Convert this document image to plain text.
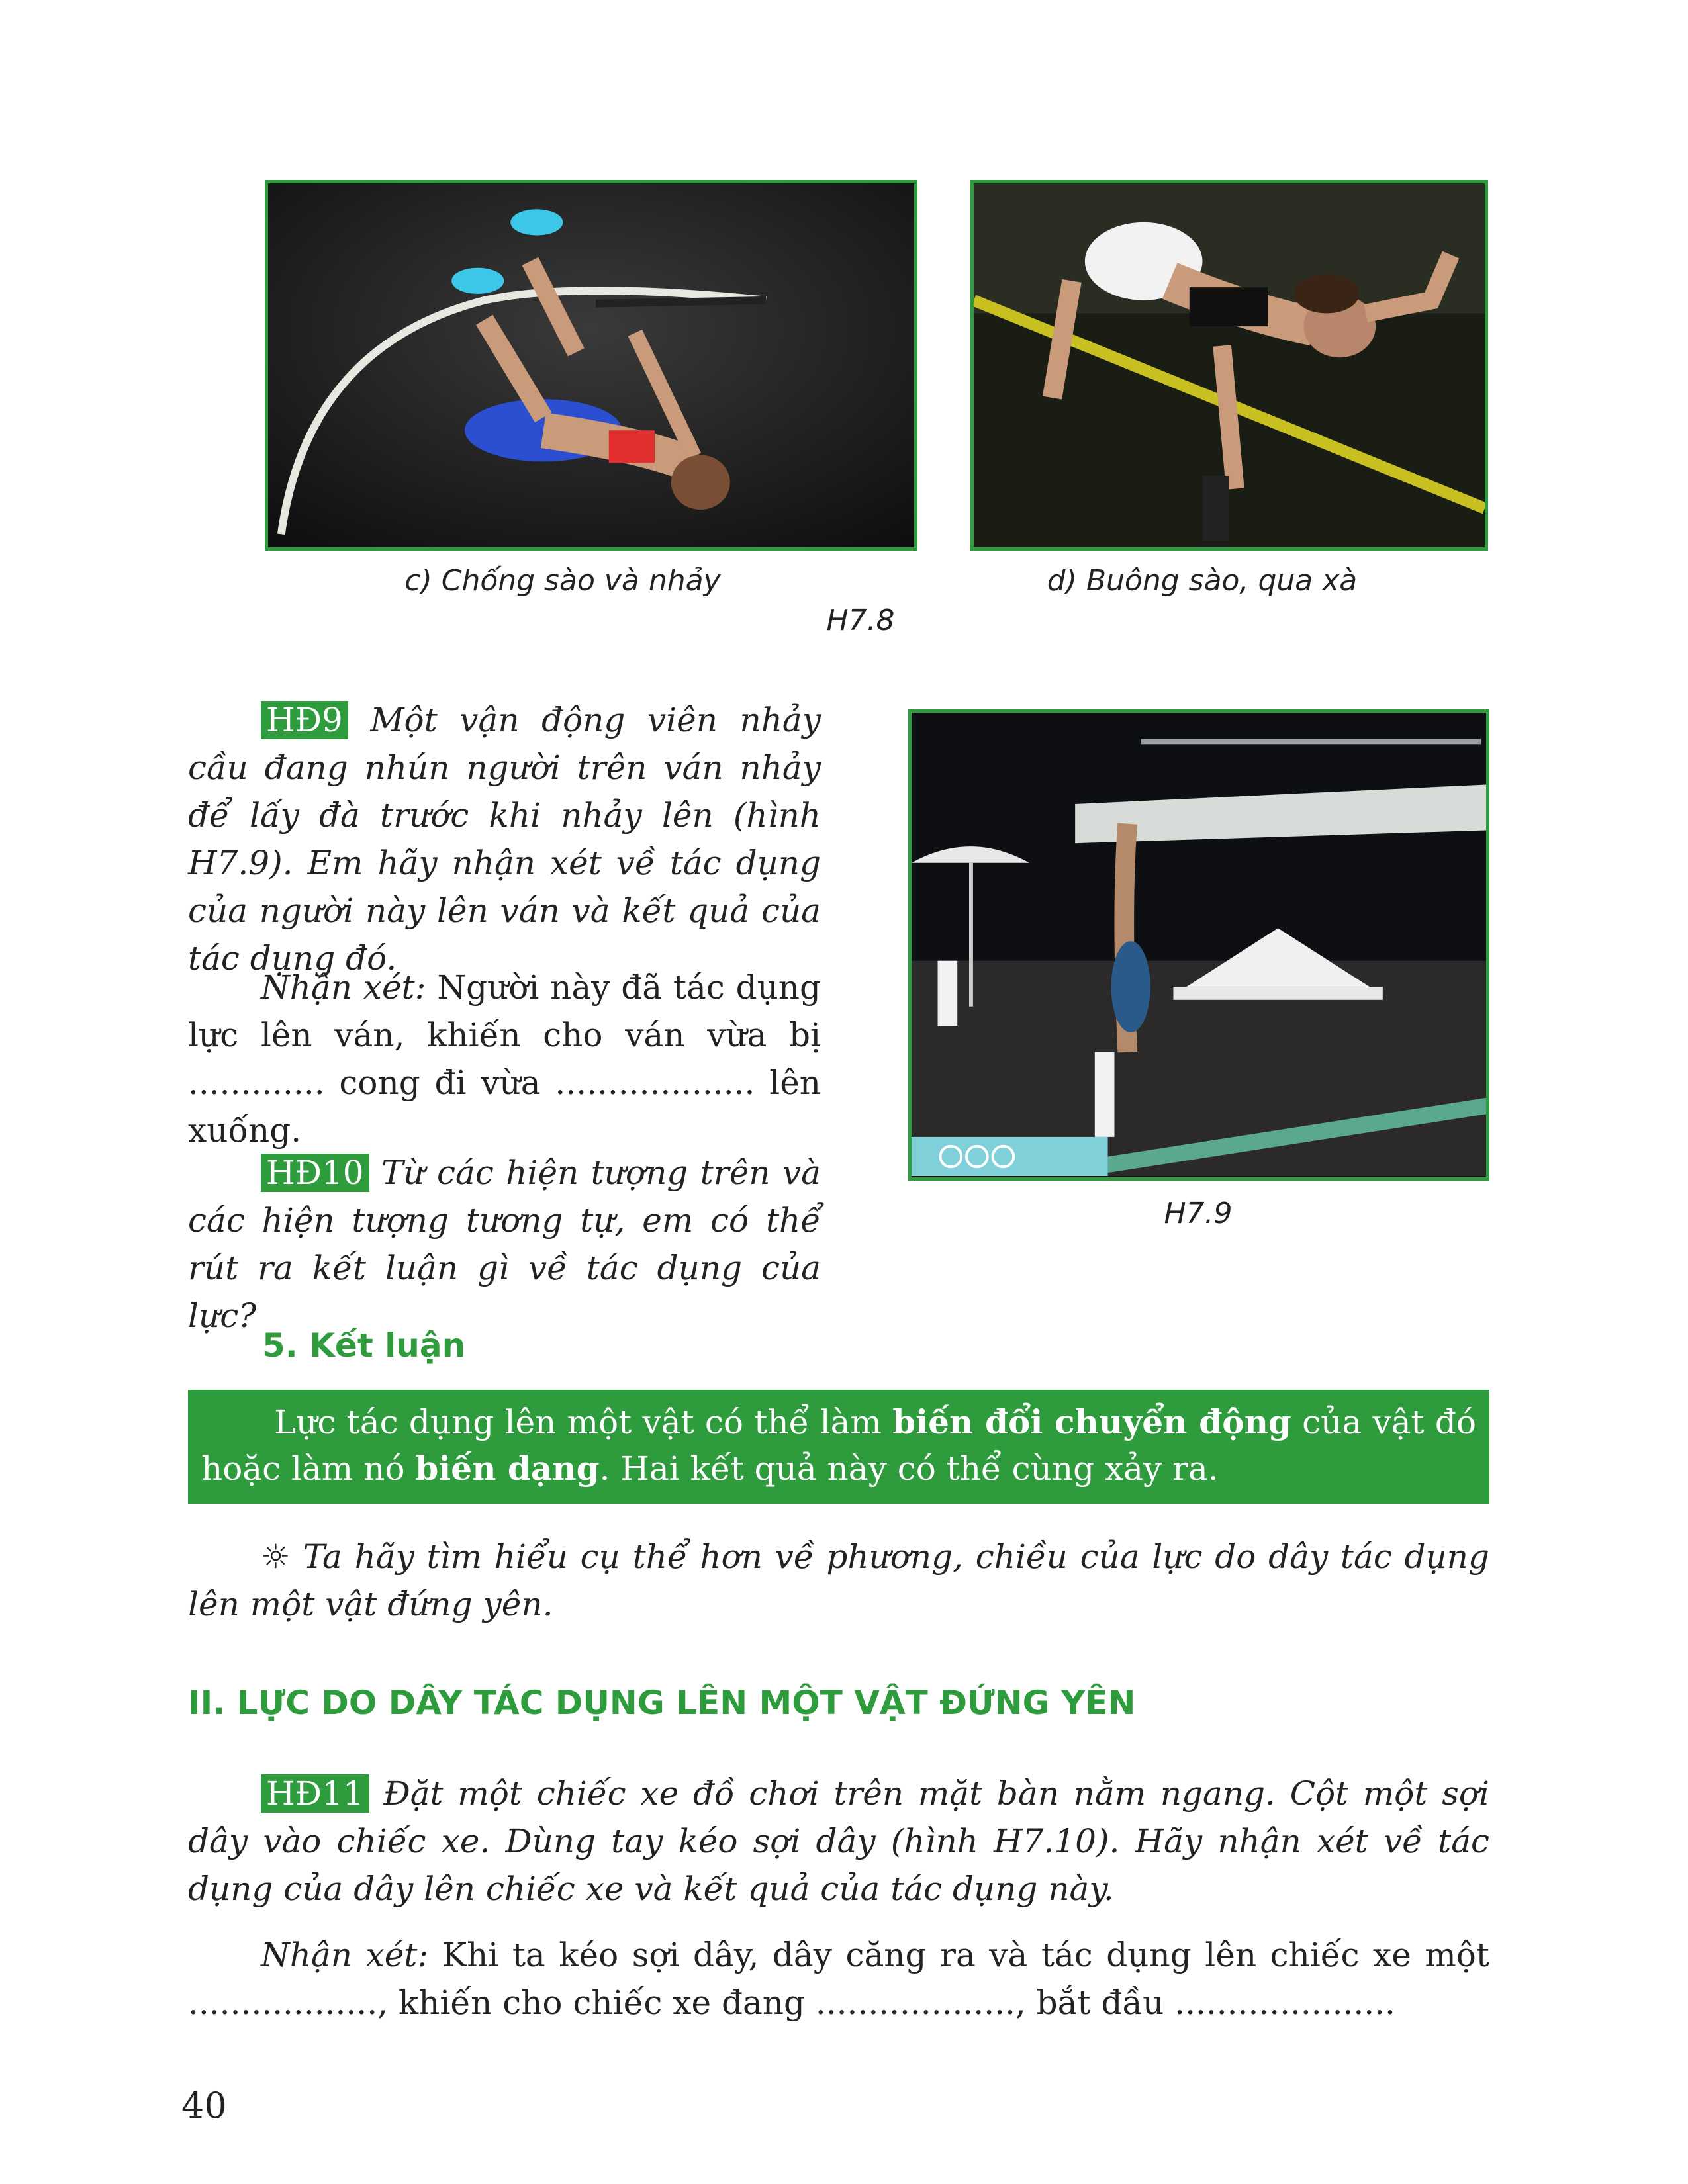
c) Chống sào và nhảy	d) Buông sào, qua xà
H7.8
HĐ9 Một vận động viên nhảy cầu đang nhún người trên ván nhảy để lấy đà trước khi nhảy lên (hình H7.9). Em hãy nhận xét về tác dụng của người này lên ván và kết quả của tác dụng đó.
Nhận xét: Người này đã tác dụng lực lên ván, khiến cho ván vừa bị ............. cong đi vừa ................... lên xuống.
HĐ10 Từ các hiện tượng trên và các hiện tượng tương tự, em có thể rút ra kết luận gì về tác dụng của lực?
H7.9
5. Kết luận
Lực tác dụng lên một vật có thể làm biến đổi chuyển động của vật đó hoặc làm nó biến dạng. Hai kết quả này có thể cùng xảy ra.
☼ Ta hãy tìm hiểu cụ thể hơn về phương, chiều của lực do dây tác dụng lên một vật đứng yên.
II. LỰC DO DÂY TÁC DỤNG LÊN MỘT VẬT ĐỨNG YÊN
HĐ11 Đặt một chiếc xe đồ chơi trên mặt bàn nằm ngang. Cột một sợi dây vào chiếc xe. Dùng tay kéo sợi dây (hình H7.10). Hãy nhận xét về tác dụng của dây lên chiếc xe và kết quả của tác dụng này.
Nhận xét: Khi ta kéo sợi dây, dây căng ra và tác dụng lên chiếc xe một .................., khiến cho chiếc xe đang ..................., bắt đầu .....................
40
